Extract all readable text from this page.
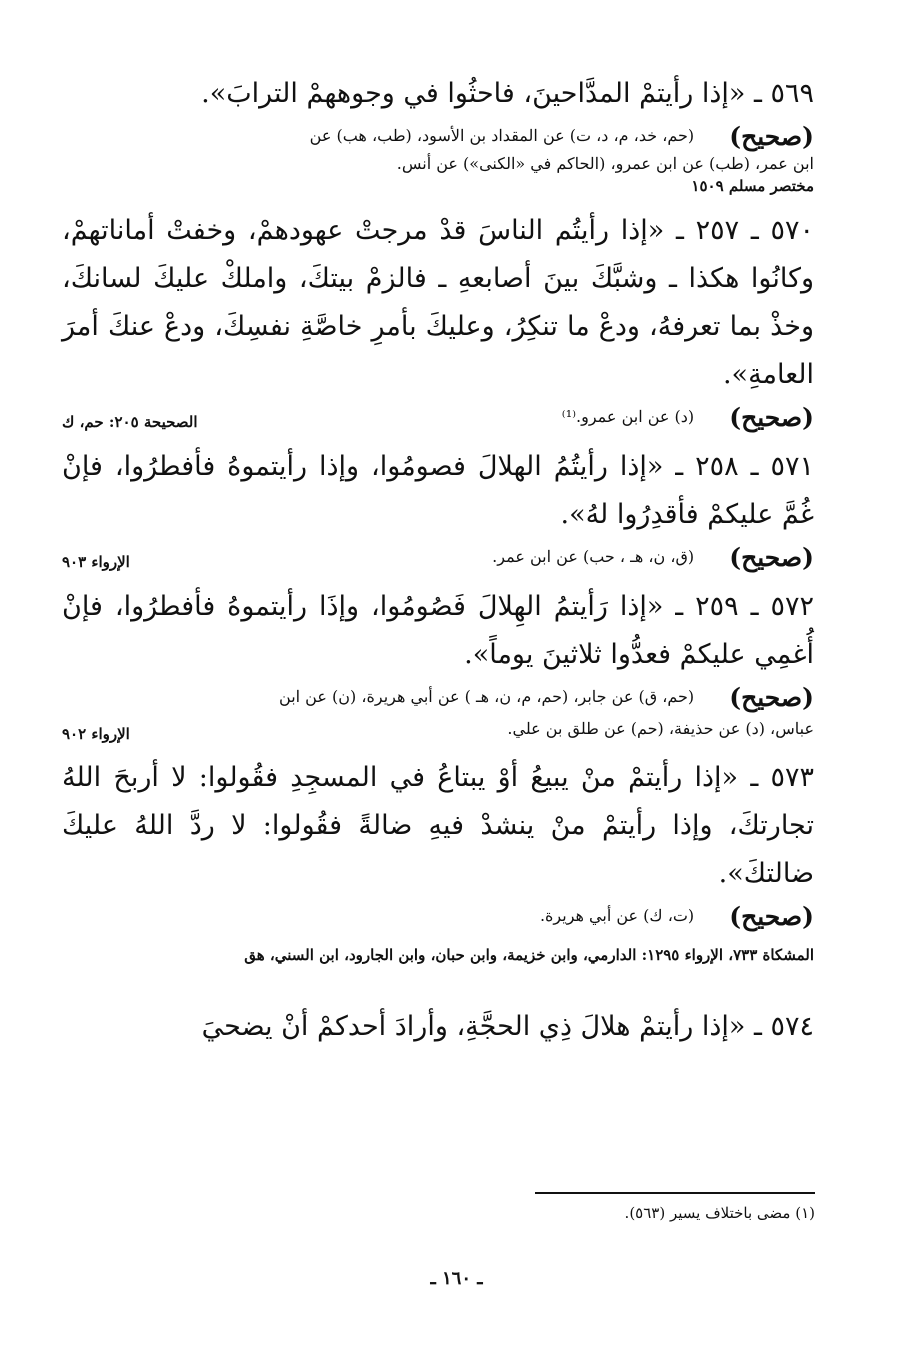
٥٦٩ ـ «إذا رأيتمْ المدَّاحينَ، فاحثُوا في وجوههمْ الترابَ».

( صحيح ) (حم، خد، م، د، ت) عن المقداد بن الأسود، (طب، هب) عن
ابن عمر، (طب) عن ابن عمرو، (الحاكم في «الكنى») عن أنس.
مختصر مسلم ١٥٠٩

٥٧٠ ـ ٢٥٧ ـ «إذا رأيتُم الناسَ قدْ مرجتْ عهودهمْ، وخفتْ أماناتهمْ، وكانُوا هكذا ـ وشبَّكَ بينَ أصابعهِ ـ فالزمْ بيتكَ، واملكْ عليكَ لسانكَ، وخذْ بما تعرفهُ، ودعْ ما تنكِرُ، وعليكَ بأمرِ خاصَّةِ نفسِكَ، ودعْ عنكَ أمرَ العامةِ».

( صحيح ) (د) عن ابن عمرو.⁽¹⁾
الصحيحة ٢٠٥: حم، ك

٥٧١ ـ ٢٥٨ ـ «إذا رأيتُمُ الهلالَ فصومُوا، وإذا رأيتموهُ فأفطرُوا، فإنْ غُمَّ عليكمْ فأقدِرُوا لهُ».

( صحيح ) (ق، ن، هـ ، حب) عن ابن عمر.
الإرواء ٩٠٣

٥٧٢ ـ ٢٥٩ ـ «إذا رَأيتمُ الهِلالَ فَصُومُوا، وإذَا رأيتموهُ فأفطرُوا، فإنْ أُغمِي عليكمْ فعدُّوا ثلاثينَ يوماً».

( صحيح ) (حم، ق) عن جابر، (حم، م، ن، هـ ) عن أبي هريرة، (ن) عن ابن
عباس، (د) عن حذيفة، (حم) عن طلق بن علي.
الإرواء ٩٠٢

٥٧٣ ـ «إذا رأيتمْ منْ يبيعُ أوْ يبتاعُ في المسجِدِ فقُولوا: لا أربحَ اللهُ تجارتكَ، وإذا رأيتمْ منْ ينشدْ فيهِ ضالةً فقُولوا: لا ردَّ اللهُ عليكَ ضالتكَ».

( صحيح ) (ت، ك) عن أبي هريرة.
المشكاة ٧٣٣، الإرواء ١٢٩٥: الدارمي، وابن خزيمة، وابن حبان، وابن الجارود، ابن السني، هق

٥٧٤ ـ «إذا رأيتمْ هلالَ ذِي الحجَّةِ، وأرادَ أحدكمْ أنْ يضحيَ

(١) مضى باختلاف يسير (٥٦٣).
ـ ١٦٠ ـ
